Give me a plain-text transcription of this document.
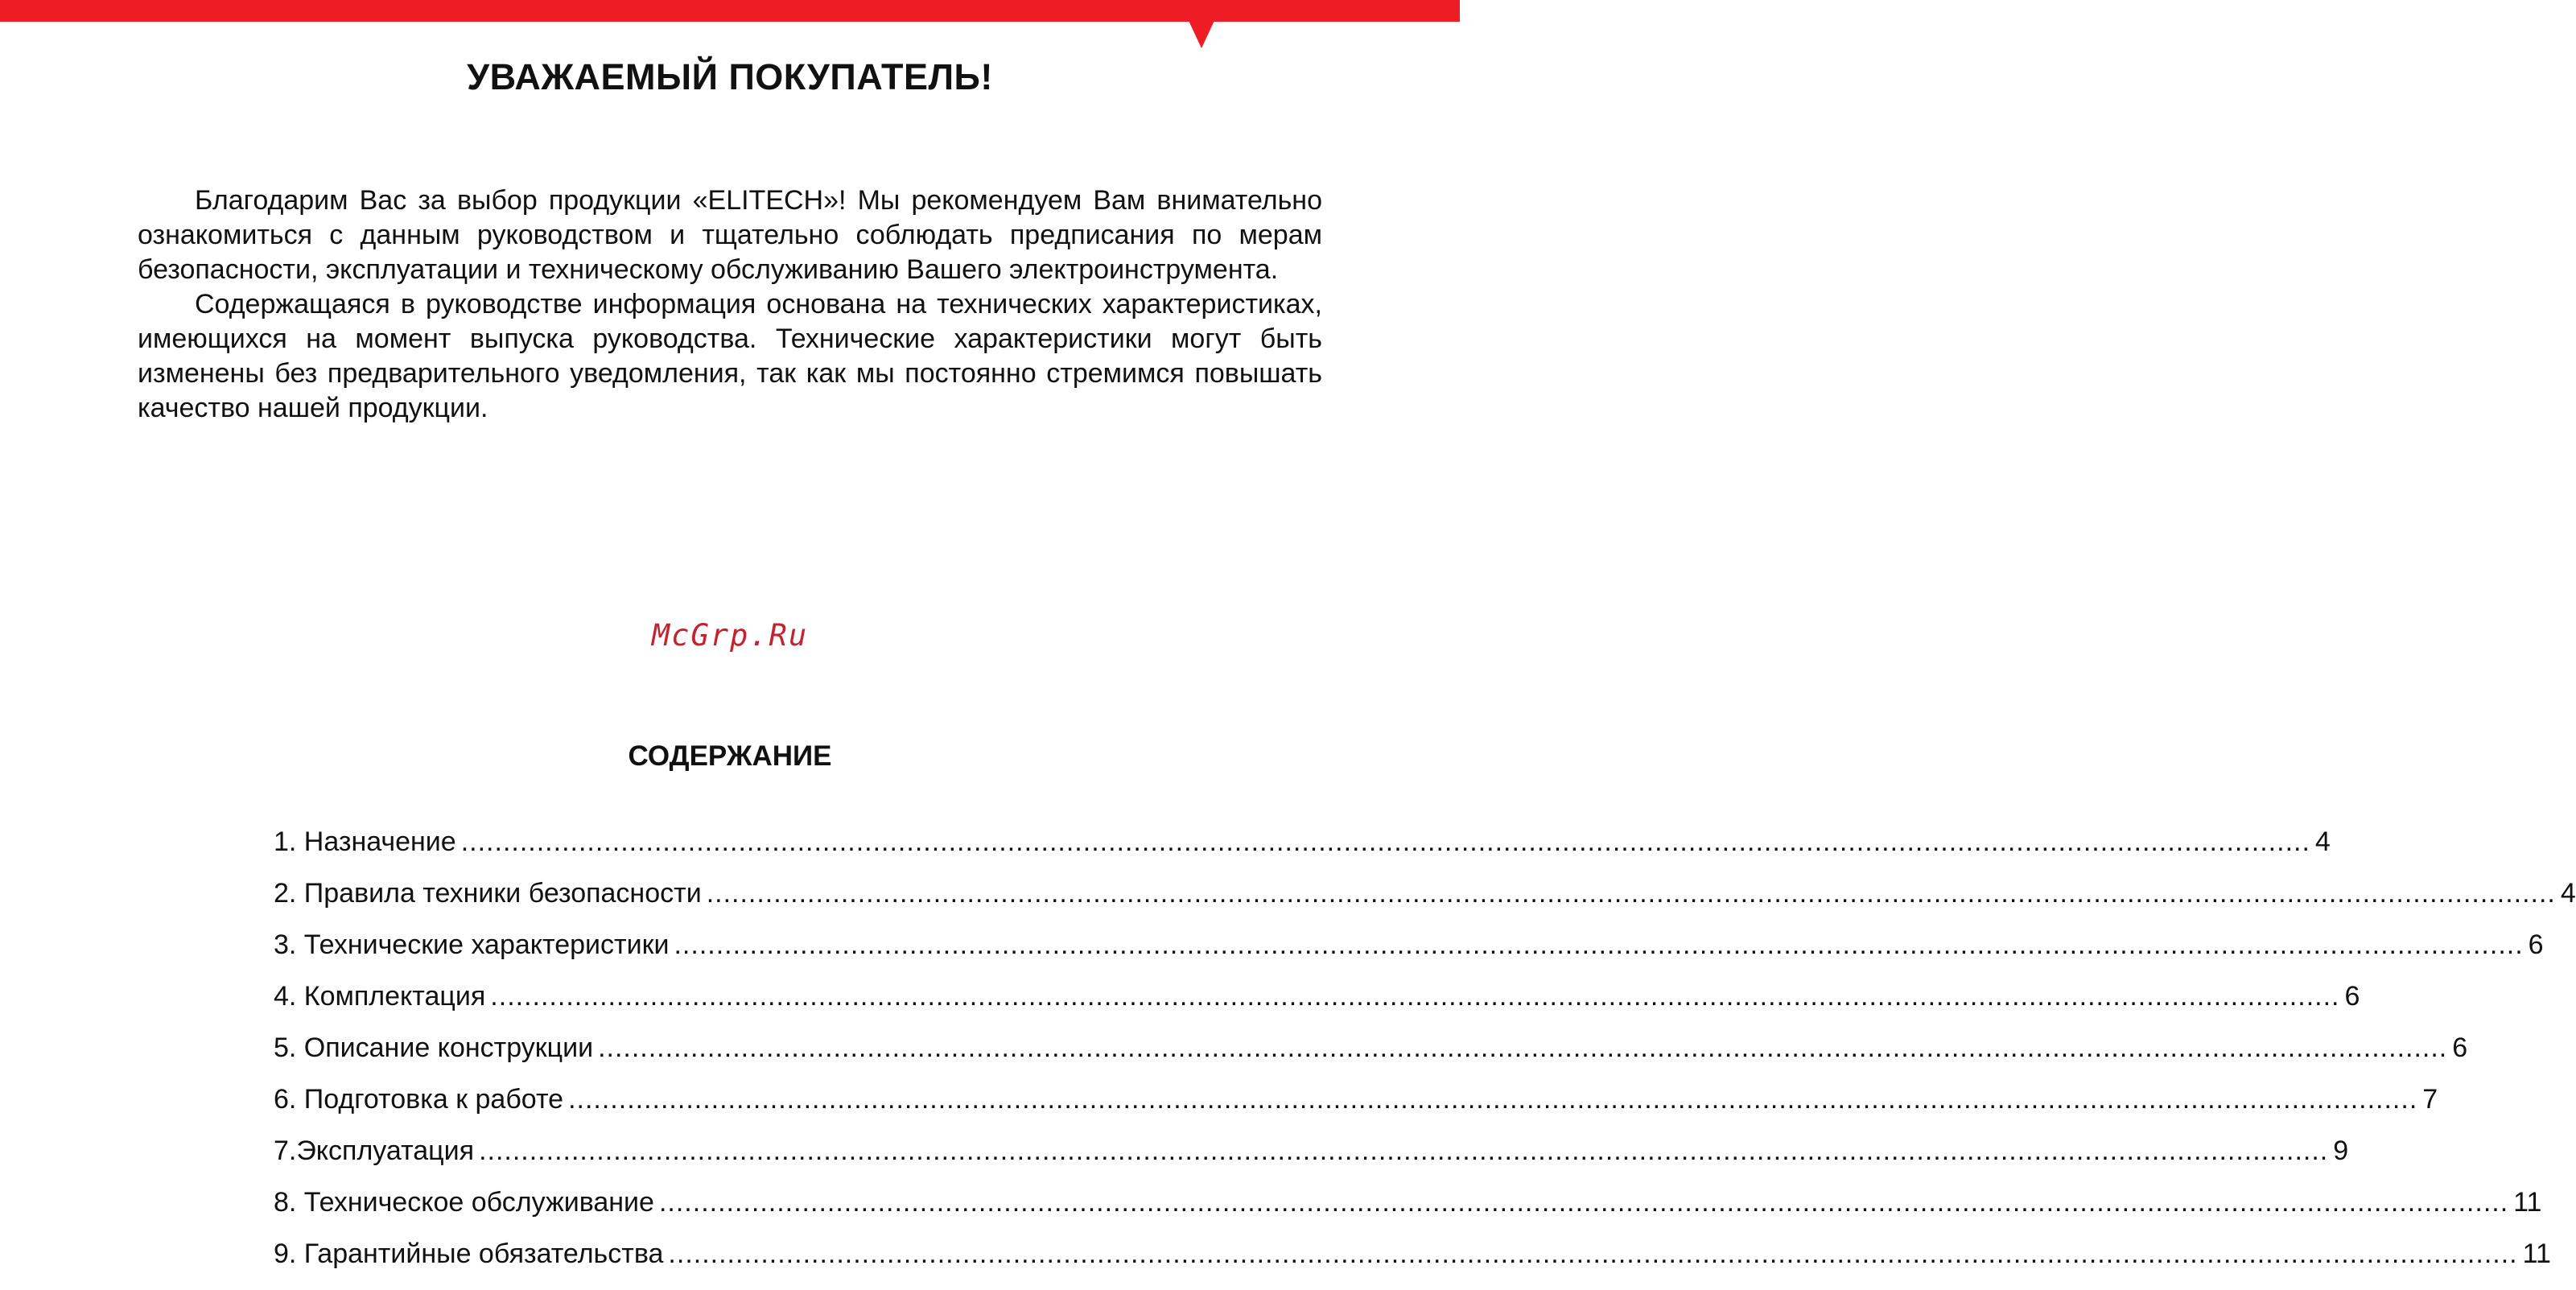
УВАЖАЕМЫЙ ПОКУПАТЕЛЬ!

Благодарим Вас за выбор продукции «ELITECH»! Мы рекомендуем Вам внимательно ознакомиться с данным руководством и тщательно соблюдать предписания по мерам безопасности, эксплуатации и техническому обслуживанию Вашего электроинструмента.

Содержащаяся в руководстве информация основана на технических характеристиках, имеющихся на момент выпуска руководства. Технические характеристики могут быть изменены без предварительного уведомления, так как мы постоянно стремимся повышать качество нашей продукции.

McGrp.Ru
СОДЕРЖАНИЕ
1. Назначение ............................................................................................................................................................................................................................ 4
2. Правила техники безопасности ............................................................................................................................................................................................................................ 4
3. Технические характеристики ............................................................................................................................................................................................................................ 6
4. Комплектация ............................................................................................................................................................................................................................ 6
5. Описание конструкции ............................................................................................................................................................................................................................ 6
6. Подготовка к работе ............................................................................................................................................................................................................................ 7
7.Эксплуатация ............................................................................................................................................................................................................................ 9
8. Техническое обслуживание ............................................................................................................................................................................................................................ 11
9. Гарантийные обязательства ............................................................................................................................................................................................................................ 11
